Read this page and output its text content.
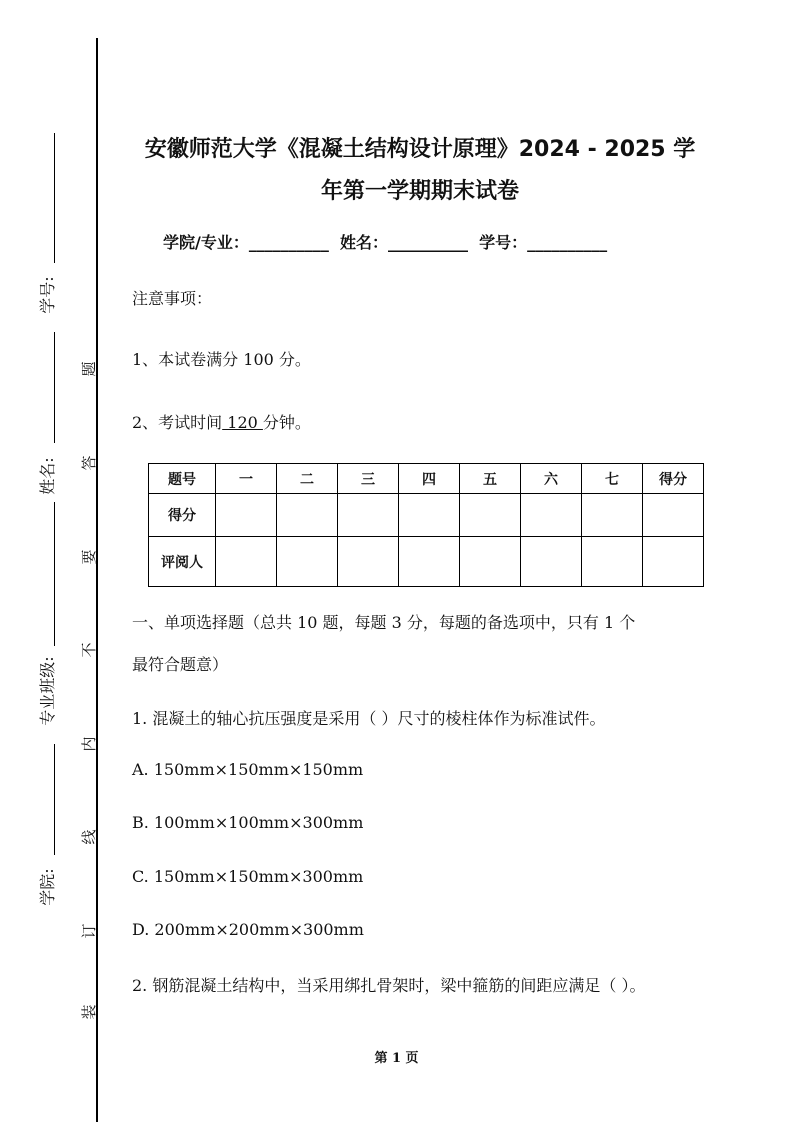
学号:
姓名:
专业班级:
学院:
题
答
要
不
内
线
订
装
安徽师范大学《混凝土结构设计原理》2024 - 2025 学
年第一学期期末试卷
学院/专业：__________ 姓名：__________ 学号：__________
注意事项：
1、本试卷满分 100 分。
2、考试时间 120 分钟。
题号	一	二	三	四	五	六	七	得分
得分								
评阅人								
一、单项选择题（总共 10 题，每题 3 分，每题的备选项中，只有 1 个
最符合题意）
1. 混凝土的轴心抗压强度是采用（ ）尺寸的棱柱体作为标准试件。
A. 150mm×150mm×150mm
B. 100mm×100mm×300mm
C. 150mm×150mm×300mm
D. 200mm×200mm×300mm
2. 钢筋混凝土结构中，当采用绑扎骨架时，梁中箍筋的间距应满足（ ）。
第 1 页
